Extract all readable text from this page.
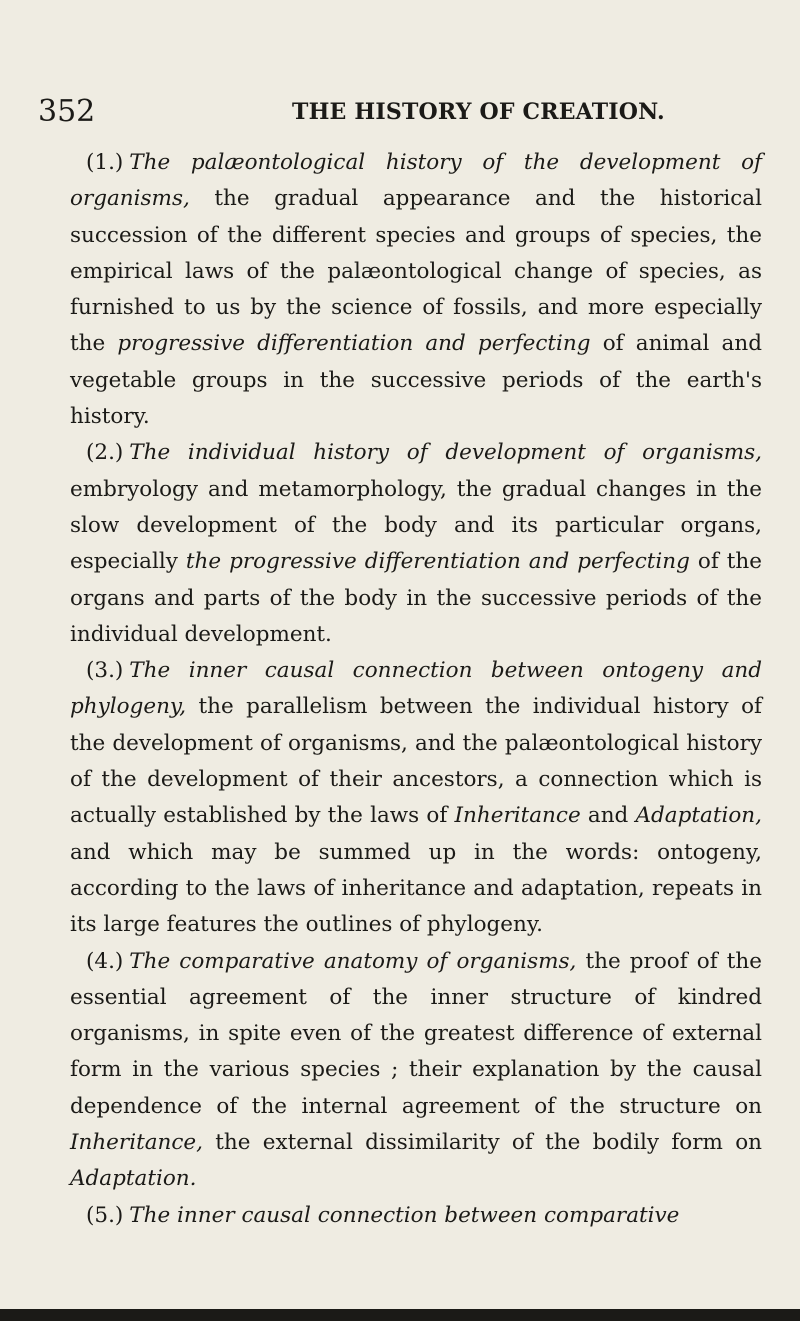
352	THE HISTORY OF CREATION.

(1.) The palæontological history of the development of organisms, the gradual appearance and the historical succession of the different species and groups of species, the empirical laws of the palæontological change of species, as furnished to us by the science of fossils, and more especially the progressive differentiation and perfecting of animal and vegetable groups in the successive periods of the earth's history.

(2.) The individual history of development of organisms, embryology and metamorphology, the gradual changes in the slow development of the body and its particular organs, especially the progressive differentiation and perfecting of the organs and parts of the body in the successive periods of the individual development.

(3.) The inner causal connection between ontogeny and phylogeny, the parallelism between the individual history of the development of organisms, and the palæontological history of the development of their ancestors, a connection which is actually established by the laws of Inheritance and Adaptation, and which may be summed up in the words: ontogeny, according to the laws of inheritance and adaptation, repeats in its large features the outlines of phylogeny.

(4.) The comparative anatomy of organisms, the proof of the essential agreement of the inner structure of kindred organisms, in spite even of the greatest difference of external form in the various species ; their explanation by the causal dependence of the internal agreement of the structure on Inheritance, the external dissimilarity of the bodily form on Adaptation.

(5.) The inner causal connection between comparative
